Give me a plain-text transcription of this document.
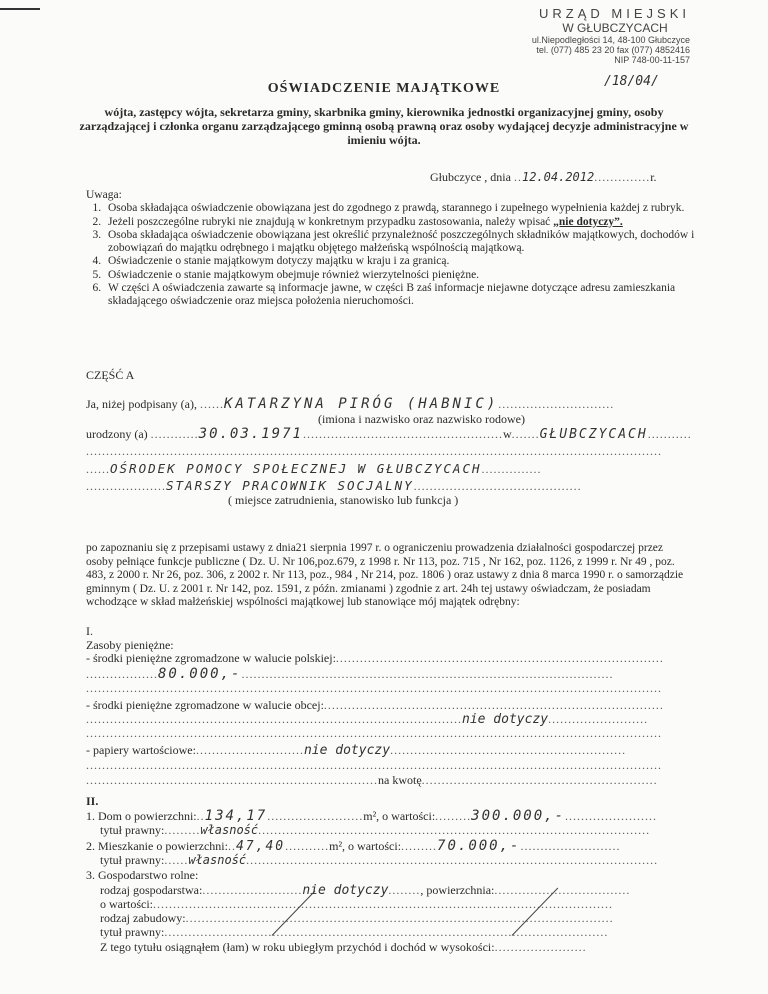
URZĄD MIEJSKI
W GŁUBCZYCACH
ul.Niepodległości 14, 48-100 Głubczyce
tel. (077) 485 23 20 fax (077) 4852416
NIP 748-00-11-157
/18/04/
OŚWIADCZENIE MAJĄTKOWE
wójta, zastępcy wójta, sekretarza gminy, skarbnika gminy, kierownika jednostki organizacyjnej gminy, osoby zarządzającej i członka organu zarządzającego gminną osobą prawną oraz osoby wydającej decyzje administracyjne w imieniu wójta.
Głubczyce , dnia ..12.04.2012..............r.
Uwaga:
1. Osoba składająca oświadczenie obowiązana jest do zgodnego z prawdą, starannego i zupełnego wypełnienia każdej z rubryk.
2. Jeżeli poszczególne rubryki nie znajdują w konkretnym przypadku zastosowania, należy wpisać „nie dotyczy”.
3. Osoba składająca oświadczenie obowiązana jest określić przynależność poszczególnych składników majątkowych, dochodów i zobowiązań do majątku odrębnego i majątku objętego małżeńską wspólnością majątkową.
4. Oświadczenie o stanie majątkowym dotyczy majątku w kraju i za granicą.
5. Oświadczenie o stanie majątkowym obejmuje również wierzytelności pieniężne.
6. W części A oświadczenia zawarte są informacje jawne, w części B zaś informacje niejawne dotyczące adresu zamieszkania składającego oświadczenie oraz miejsca położenia nieruchomości.
CZĘŚĆ A
Ja, niżej podpisany (a), ......KATARZYNA PIRÓG (HABNIC).............................
(imiona i nazwisko oraz nazwisko rodowe)
urodzony (a) ............30.03.1971..................................................w.......GŁUBCZYCACH...........
................................................................................................................................................
......OŚRODEK POMOCY SPOŁECZNEJ W GŁUBCZYCACH...............
....................STARSZY PRACOWNIK SOCJALNY..........................................
( miejsce zatrudnienia, stanowisko lub funkcja )
po zapoznaniu się z przepisami ustawy z dnia21 sierpnia 1997 r. o ograniczeniu prowadzenia działalności gospodarczej przez osoby pełniące funkcje publiczne ( Dz. U. Nr 106,poz.679, z 1998 r. Nr 113, poz. 715 , Nr 162, poz. 1126, z 1999 r. Nr 49 , poz. 483, z 2000 r. Nr 26, poz. 306, z 2002 r. Nr 113, poz., 984 , Nr 214, poz. 1806 ) oraz ustawy z dnia 8 marca 1990 r. o samorządzie gminnym ( Dz. U. z 2001 r. Nr 142, poz. 1591, z późn. zmianami ) zgodnie z art. 24h tej ustawy oświadczam, że posiadam wchodzące w skład małżeńskiej wspólności majątkowej lub stanowiące mój majątek odrębny:
I.
Zasoby pieniężne:
- środki pieniężne zgromadzone w walucie polskiej:..................................................................................
..................80.000,-.............................................................................................
................................................................................................................................................
- środki pieniężne zgromadzone w walucie obcej:.....................................................................................
..............................................................................................nie dotyczy.........................
................................................................................................................................................
- papiery wartościowe:...........................nie dotyczy...........................................................
................................................................................................................................................
.........................................................................na kwotę...........................................................
II.
1. Dom o powierzchni:..134,17........................m², o wartości:.........300.000,-.......................
tytuł prawny:.........własność..................................................................................................
2. Mieszkanie o powierzchni:..47,40...........m², o wartości:.........70.000,-.........................
tytuł prawny:......własność.......................................................................................................
3. Gospodarstwo rolne:
rodzaj gospodarstwa:.........................nie dotyczy........, powierzchnia:..................................
o wartości:...................................................................................................................
rodzaj zabudowy:...........................................................................................................
tytuł prawny:...............................................................................................................
Z tego tytułu osiągnąłem (łam) w roku ubiegłym przychód i dochód w wysokości:.......................
